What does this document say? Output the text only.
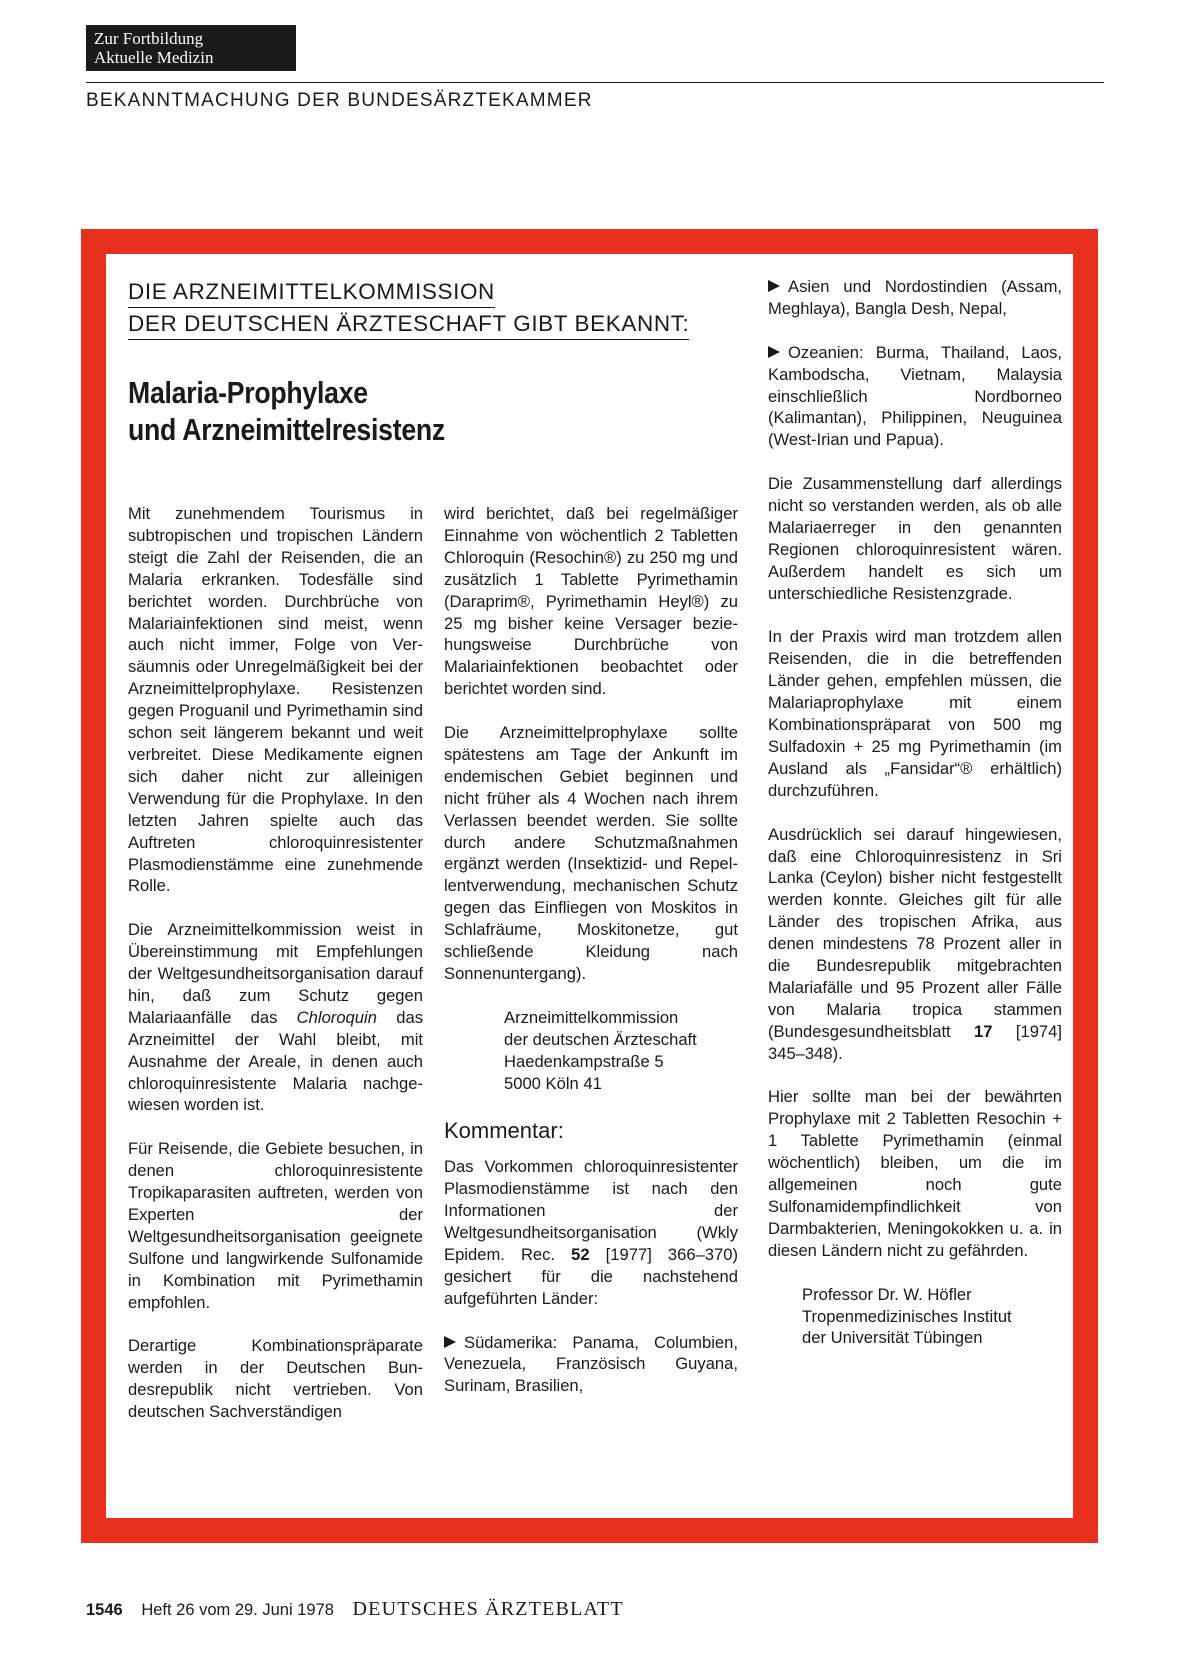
Zur Fortbildung
Aktuelle Medizin
BEKANNTMACHUNG DER BUNDESÄRZTEKAMMER
DIE ARZNEIMITTELKOMMISSION
DER DEUTSCHEN ÄRZTESCHAFT GIBT BEKANNT:
Malaria-Prophylaxe
und Arzneimittelresistenz

Mit zunehmendem Tourismus in subtropischen und tropischen Ländern steigt die Zahl der Reisenden, die an Malaria erkranken. Todesfälle sind berichtet worden. Durchbrüche von Malariainfektionen sind meist, wenn auch nicht immer, Folge von Versäumnis oder Unregelmäßigkeit bei der Arzneimittelprophylaxe. Resistenzen gegen Proguanil und Pyrimethamin sind schon seit längerem bekannt und weit verbreitet. Diese Medikamente eignen sich daher nicht zur alleinigen Verwendung für die Prophylaxe. In den letzten Jahren spielte auch das Auftreten chloroquinresistenter Plasmodienstämme eine zunehmende Rolle.

Die Arzneimittelkommission weist in Übereinstimmung mit Empfehlungen der Weltgesundheitsorganisation darauf hin, daß zum Schutz gegen Malariaanfälle das Chloroquin das Arzneimittel der Wahl bleibt, mit Ausnahme der Areale, in denen auch chloroquinresistente Malaria nachgewiesen worden ist.

Für Reisende, die Gebiete besuchen, in denen chloroquinresistente Tropikaparasiten auftreten, werden von Experten der Weltgesundheitsorganisation geeignete Sulfone und langwirkende Sulfonamide in Kombination mit Pyrimethamin empfohlen.

Derartige Kombinationspräparate werden in der Deutschen Bundesrepublik nicht vertrieben. Von deutschen Sachverständigen

wird berichtet, daß bei regelmäßiger Einnahme von wöchentlich 2 Tabletten Chloroquin (Resochin®) zu 250 mg und zusätzlich 1 Tablette Pyrimethamin (Daraprim®, Pyrimethamin Heyl®) zu 25 mg bisher keine Versager beziehungsweise Durchbrüche von Malariainfektionen beobachtet oder berichtet worden sind.

Die Arzneimittelprophylaxe sollte spätestens am Tage der Ankunft im endemischen Gebiet beginnen und nicht früher als 4 Wochen nach ihrem Verlassen beendet werden. Sie sollte durch andere Schutzmaßnahmen ergänzt werden (Insektizid- und Repellentverwendung, mechanischen Schutz gegen das Einfliegen von Moskitos in Schlafräume, Moskitonetze, gut schließende Kleidung nach Sonnenuntergang).

Arzneimittelkommission
der deutschen Ärzteschaft
Haedenkampstraße 5
5000 Köln 41
Kommentar:

Das Vorkommen chloroquinresistenter Plasmodienstämme ist nach den Informationen der Weltgesundheitsorganisation (Wkly Epidem. Rec. 52 [1977] 366–370) gesichert für die nachstehend aufgeführten Länder:

Südamerika: Panama, Columbien, Venezuela, Französisch Guyana, Surinam, Brasilien,

Asien und Nordostindien (Assam, Meghlaya), Bangla Desh, Nepal,

Ozeanien: Burma, Thailand, Laos, Kambodscha, Vietnam, Malaysia einschließlich Nordborneo (Kalimantan), Philippinen, Neuguinea (West-Irian und Papua).

Die Zusammenstellung darf allerdings nicht so verstanden werden, als ob alle Malariaerreger in den genannten Regionen chloroquinresistent wären. Außerdem handelt es sich um unterschiedliche Resistenzgrade.

In der Praxis wird man trotzdem allen Reisenden, die in die betreffenden Länder gehen, empfehlen müssen, die Malariaprophylaxe mit einem Kombinationspräparat von 500 mg Sulfadoxin + 25 mg Pyrimethamin (im Ausland als „Fansidar“® erhältlich) durchzuführen.

Ausdrücklich sei darauf hingewiesen, daß eine Chloroquinresistenz in Sri Lanka (Ceylon) bisher nicht festgestellt werden konnte. Gleiches gilt für alle Länder des tropischen Afrika, aus denen mindestens 78 Prozent aller in die Bundesrepublik mitgebrachten Malariafälle und 95 Prozent aller Fälle von Malaria tropica stammen (Bundesgesundheitsblatt 17 [1974] 345–348).

Hier sollte man bei der bewährten Prophylaxe mit 2 Tabletten Resochin + 1 Tablette Pyrimethamin (einmal wöchentlich) bleiben, um die im allgemeinen noch gute Sulfonamidempfindlichkeit von Darmbakterien, Meningokokken u. a. in diesen Ländern nicht zu gefährden.

Professor Dr. W. Höfler
Tropenmedizinisches Institut
der Universität Tübingen
1546 Heft 26 vom 29. Juni 1978 DEUTSCHES ÄRZTEBLATT
